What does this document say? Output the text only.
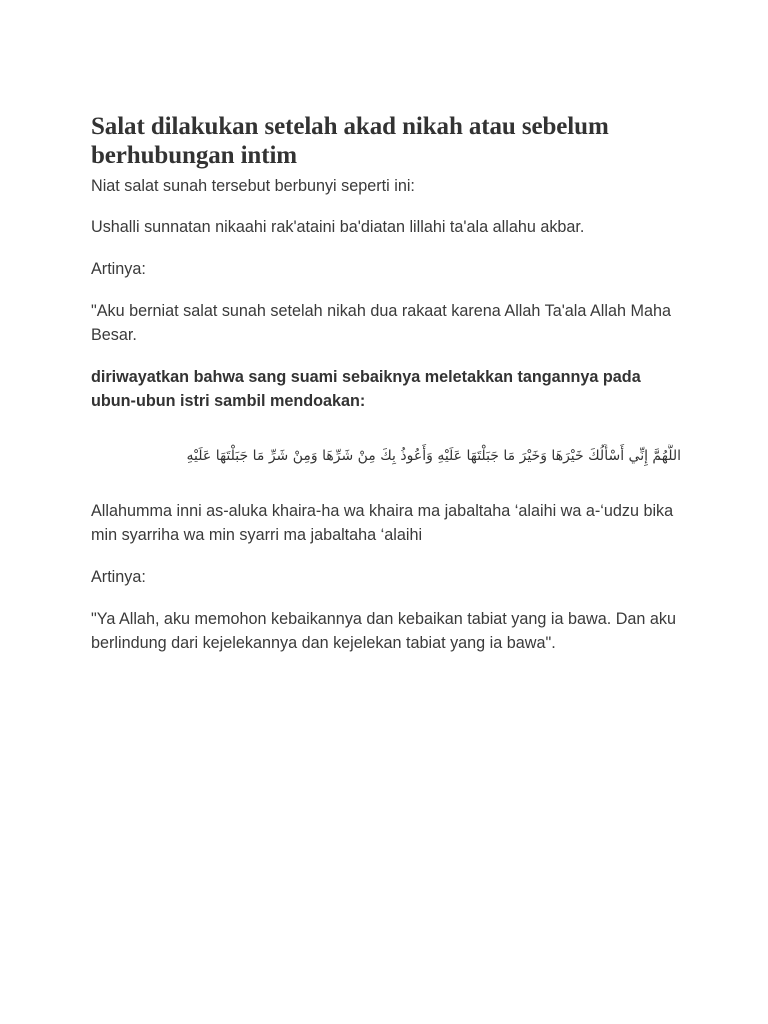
Salat dilakukan setelah akad nikah atau sebelum berhubungan intim

Niat salat sunah tersebut berbunyi seperti ini:

Ushalli sunnatan nikaahi rak'ataini ba'diatan lillahi ta'ala allahu akbar.

Artinya:

"Aku berniat salat sunah setelah nikah dua rakaat karena Allah Ta'ala Allah Maha Besar.

diriwayatkan bahwa sang suami sebaiknya meletakkan tangannya pada ubun-ubun istri sambil mendoakan:

اللَّهُمَّ إِنِّي أَسْأَلُكَ خَيْرَهَا وَخَيْرَ مَا جَبَلْتَهَا عَلَيْهِ وَأَعُوذُ بِكَ مِنْ شَرِّهَا وَمِنْ شَرِّ مَا جَبَلْتَهَا عَلَيْهِ

Allahumma inni as-aluka khaira-ha wa khaira ma jabaltaha ‘alaihi wa a-‘udzu bika min syarriha wa min syarri ma jabaltaha ‘alaihi

Artinya:

"Ya Allah, aku memohon kebaikannya dan kebaikan tabiat yang ia bawa. Dan aku berlindung dari kejelekannya dan kejelekan tabiat yang ia bawa".
